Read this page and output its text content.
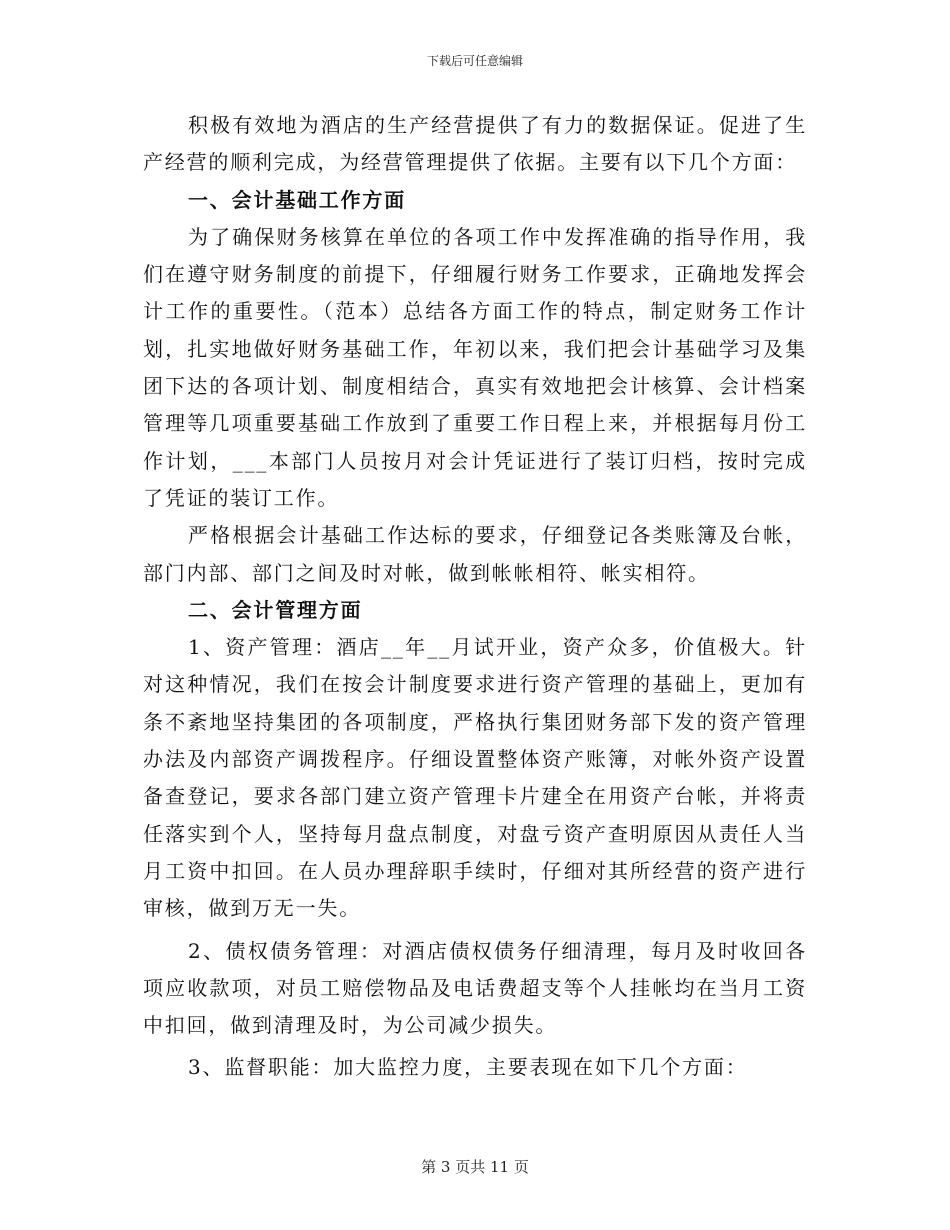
下载后可任意编辑

积极有效地为酒店的生产经营提供了有力的数据保证。促进了生产经营的顺利完成，为经营管理提供了依据。主要有以下几个方面：

一、会计基础工作方面

为了确保财务核算在单位的各项工作中发挥准确的指导作用，我们在遵守财务制度的前提下，仔细履行财务工作要求，正确地发挥会计工作的重要性。（范本）总结各方面工作的特点，制定财务工作计划，扎实地做好财务基础工作，年初以来，我们把会计基础学习及集团下达的各项计划、制度相结合，真实有效地把会计核算、会计档案管理等几项重要基础工作放到了重要工作日程上来，并根据每月份工作计划，___本部门人员按月对会计凭证进行了装订归档，按时完成了凭证的装订工作。

严格根据会计基础工作达标的要求，仔细登记各类账簿及台帐，部门内部、部门之间及时对帐，做到帐帐相符、帐实相符。

二、会计管理方面

1、资产管理：酒店__年__月试开业，资产众多，价值极大。针对这种情况，我们在按会计制度要求进行资产管理的基础上，更加有条不紊地坚持集团的各项制度，严格执行集团财务部下发的资产管理办法及内部资产调拨程序。仔细设置整体资产账簿，对帐外资产设置备查登记，要求各部门建立资产管理卡片建全在用资产台帐，并将责任落实到个人，坚持每月盘点制度，对盘亏资产查明原因从责任人当月工资中扣回。在人员办理辞职手续时，仔细对其所经营的资产进行审核，做到万无一失。

2、债权债务管理：对酒店债权债务仔细清理，每月及时收回各项应收款项，对员工赔偿物品及电话费超支等个人挂帐均在当月工资中扣回，做到清理及时，为公司减少损失。

3、监督职能：加大监控力度，主要表现在如下几个方面：

第 3 页共 11 页
